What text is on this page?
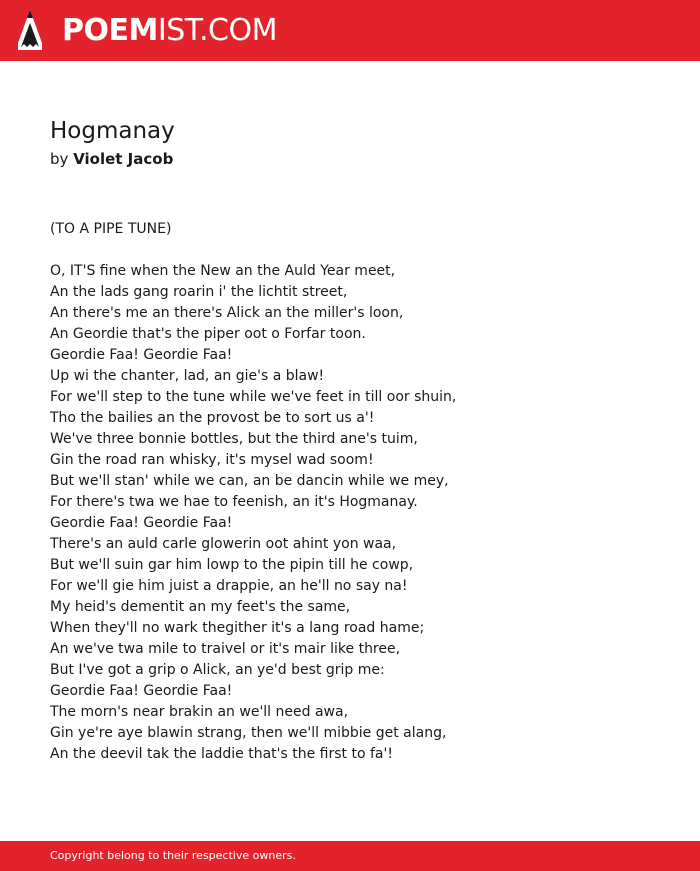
POEMIST.COM
Hogmanay
by Violet Jacob
(TO A PIPE TUNE)
O, IT'S fine when the New an the Auld Year meet,
An the lads gang roarin i' the lichtit street,
An there's me an there's Alick an the miller's loon,
An Geordie that's the piper oot o Forfar toon.
Geordie Faa! Geordie Faa!
Up wi the chanter, lad, an gie's a blaw!
For we'll step to the tune while we've feet in till oor shuin,
Tho the bailies an the provost be to sort us a'!
We've three bonnie bottles, but the third ane's tuim,
Gin the road ran whisky, it's mysel wad soom!
But we'll stan' while we can, an be dancin while we mey,
For there's twa we hae to feenish, an it's Hogmanay.
Geordie Faa! Geordie Faa!
There's an auld carle glowerin oot ahint yon waa,
But we'll suin gar him lowp to the pipin till he cowp,
For we'll gie him juist a drappie, an he'll no say na!
My heid's dementit an my feet's the same,
When they'll no wark thegither it's a lang road hame;
An we've twa mile to traivel or it's mair like three,
But I've got a grip o Alick, an ye'd best grip me:
Geordie Faa! Geordie Faa!
The morn's near brakin an we'll need awa,
Gin ye're aye blawin strang, then we'll mibbie get alang,
An the deevil tak the laddie that's the first to fa'!
Copyright belong to their respective owners.
